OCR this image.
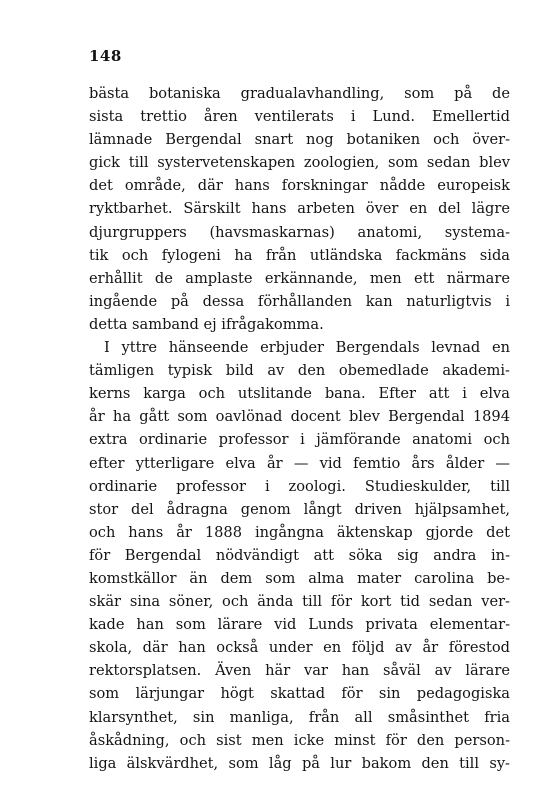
148
bästa botaniska gradualavhandling, som på de
sista trettio åren ventilerats i Lund. Emellertid
lämnade Bergendal snart nog botaniken och över-
gick till systervetenskapen zoologien, som sedan blev
det område, där hans forskningar nådde europeisk
ryktbarhet. Särskilt hans arbeten över en del lägre
djurgruppers (havsmaskarnas) anatomi, systema-
tik och fylogeni ha från utländska fackmäns sida
erhållit de amplaste erkännande, men ett närmare
ingående på dessa förhållanden kan naturligtvis i
detta samband ej ifrågakomma.
I yttre hänseende erbjuder Bergendals levnad en
tämligen typisk bild av den obemedlade akademi-
kerns karga och utslitande bana. Efter att i elva
år ha gått som oavlönad docent blev Bergendal 1894
extra ordinarie professor i jämförande anatomi och
efter ytterligare elva år — vid femtio års ålder —
ordinarie professor i zoologi. Studieskulder, till
stor del ådragna genom långt driven hjälpsamhet,
och hans år 1888 ingångna äktenskap gjorde det
för Bergendal nödvändigt att söka sig andra in-
komstkällor än dem som alma mater carolina be-
skär sina söner, och ända till för kort tid sedan ver-
kade han som lärare vid Lunds privata elementar-
skola, där han också under en följd av år förestod
rektorsplatsen. Även här var han såväl av lärare
som lärjungar högt skattad för sin pedagogiska
klarsynthet, sin manliga, från all småsinthet fria
åskådning, och sist men icke minst för den person-
liga älskvärdhet, som låg på lur bakom den till sy-
